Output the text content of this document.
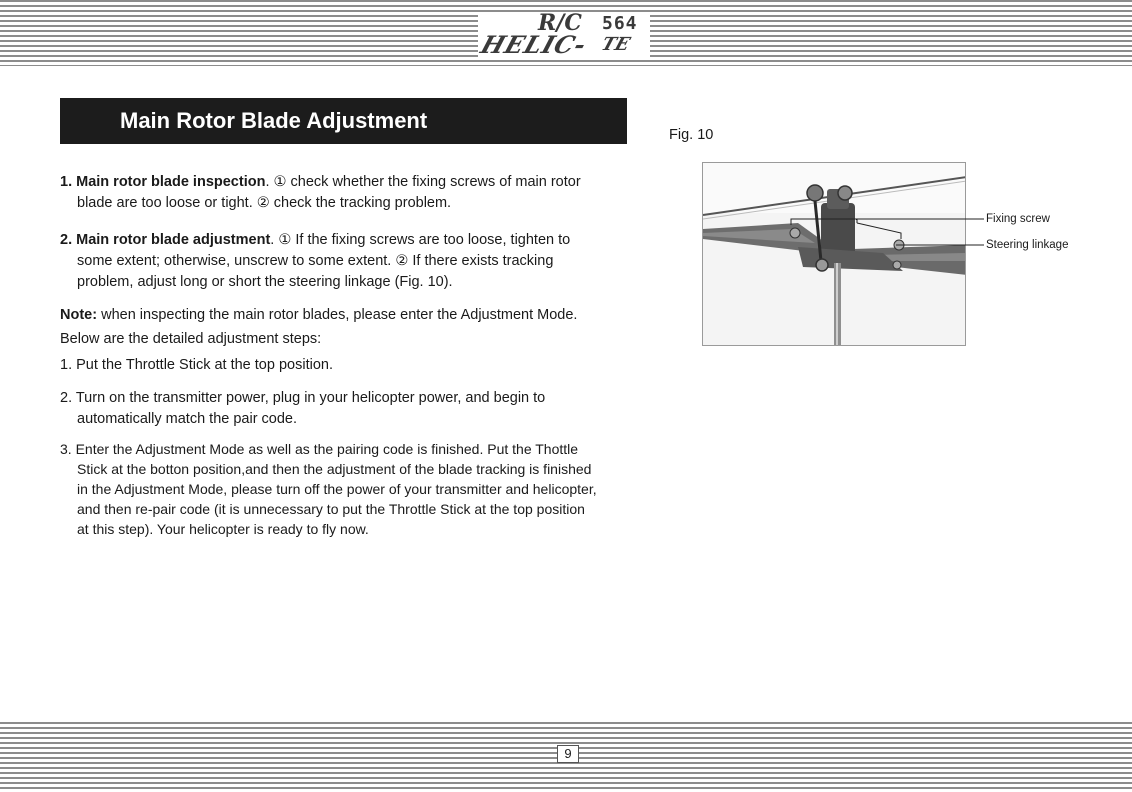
R/C
HELIC-
564
TE
Main Rotor Blade Adjustment
1. Main rotor blade inspection. ① check whether the fixing screws of main rotor
blade are too loose or tight. ② check the tracking problem.
2. Main rotor blade adjustment. ① If the fixing screws are too loose, tighten to
some extent; otherwise, unscrew to some extent. ② If there exists tracking
problem, adjust long or short the steering linkage (Fig. 10).
Note: when inspecting the main rotor blades, please enter the Adjustment Mode.
Below are the detailed adjustment steps:
1. Put the Throttle Stick at the top position.
2. Turn on the transmitter power, plug in your helicopter power, and begin to
automatically match the pair code.
3. Enter the Adjustment Mode as well as the pairing code is finished. Put the Thottle
Stick at the botton position,and then the adjustment of the blade tracking is finished
in the Adjustment Mode, please turn off the power of your transmitter and helicopter,
and then re-pair code (it is unnecessary to put the Throttle Stick at the top position
at this step). Your helicopter is ready to fly now.
Fig. 10
Fixing screw
Steering linkage
9
